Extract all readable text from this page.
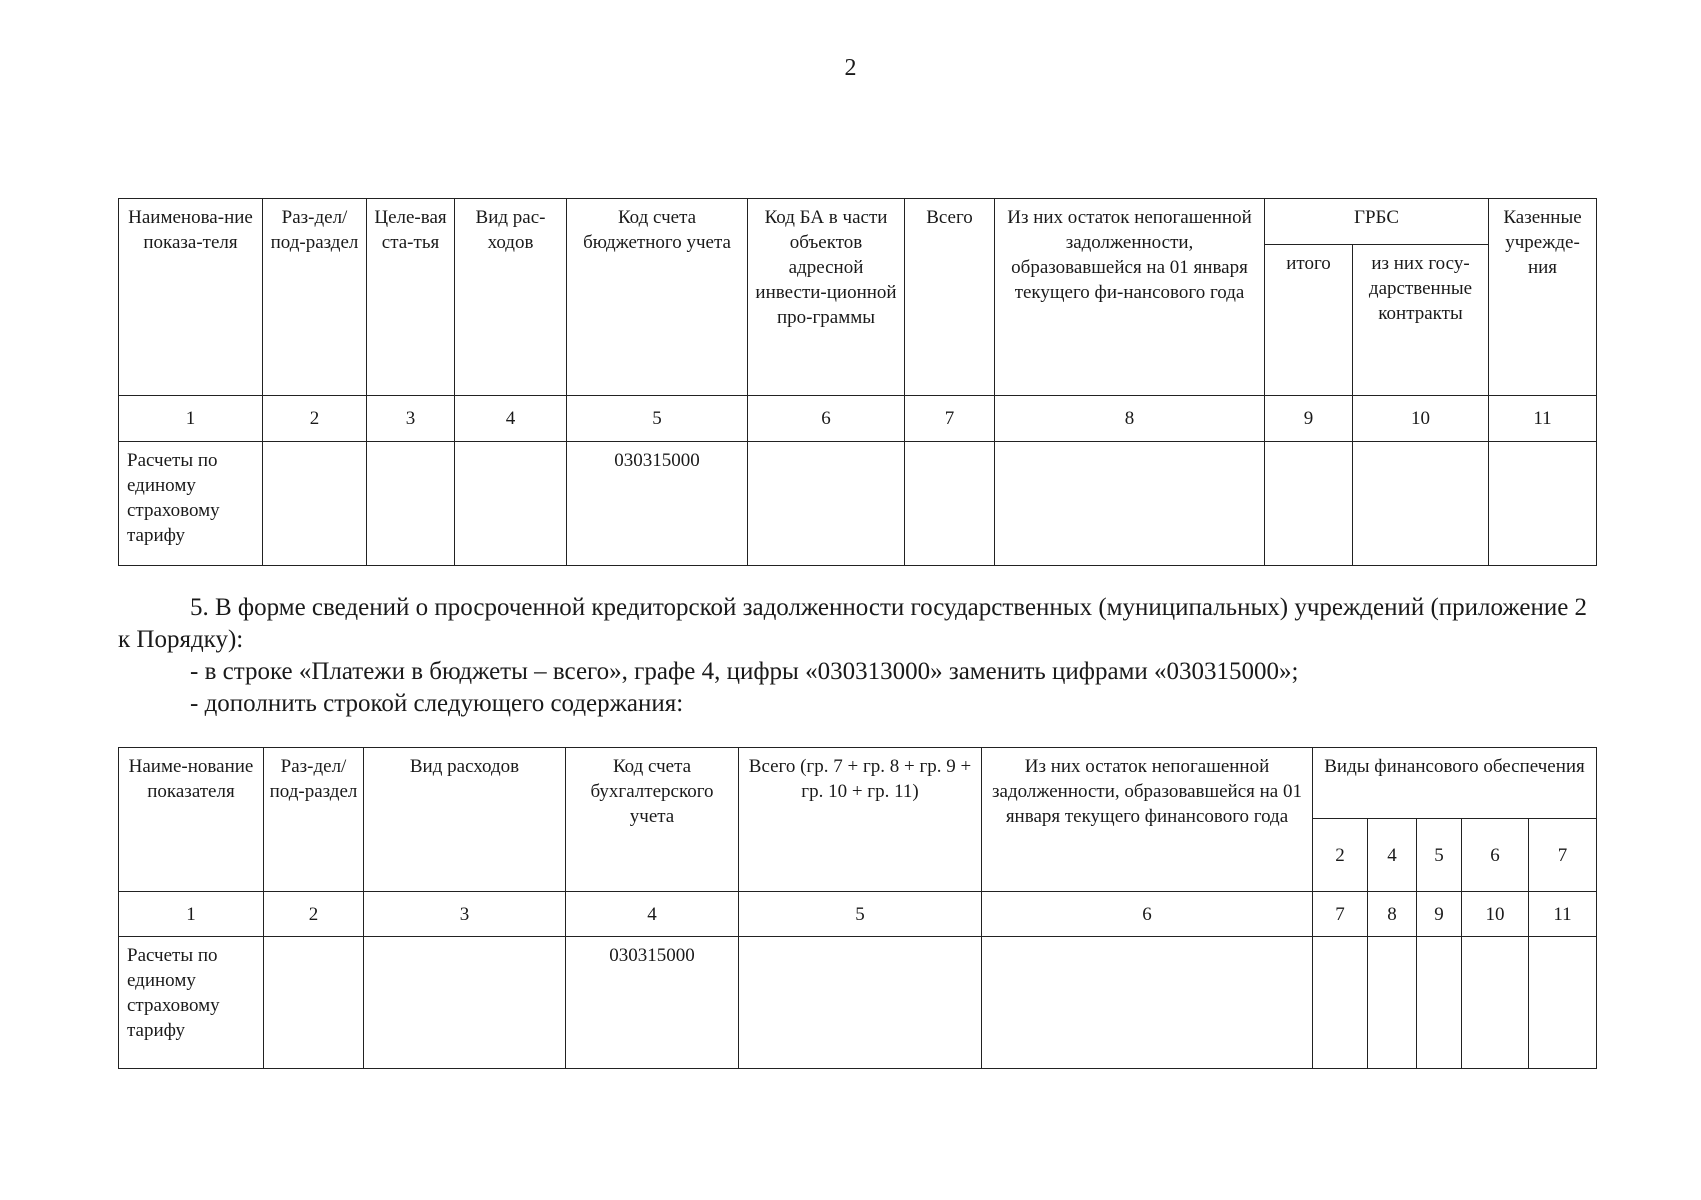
2
Наименова-ние показа-теля	Раз-дел/под-раздел	Целе-вая ста-тья	Вид рас-ходов	Код счета бюджетного учета	Код БА в части объектов адресной инвести-ционной про-граммы	Всего	Из них остаток непогашенной задолженности, образовавшейся на 01 января текущего фи-нансового года	ГРБС		Казенные учрежде-ния
								итого	из них госу-дарственные контракты	
1	2	3	4	5	6	7	8	9	10	11
Расчеты по единому страховому тарифу				030315000						

5. В форме сведений о просроченной кредиторской задолженности государственных (муниципальных) учреждений (приложение 2 к Порядку):

- в строке «Платежи в бюджеты – всего», графе 4, цифры «030313000» заменить цифрами «030315000»;

- дополнить строкой следующего содержания:

Наиме-нование показателя	Раз-дел/под-раздел	Вид расходов	Код счета бухгалтерского учета	Всего (гр. 7 + гр. 8 + гр. 9 + гр. 10 + гр. 11)	Из них остаток непогашенной задолженности, образовавшейся на 01 января текущего финансового года	Виды финансового обеспечения				
						2	4	5	6	7
1	2	3	4	5	6	7	8	9	10	11
Расчеты по единому страховому тарифу			030315000							
